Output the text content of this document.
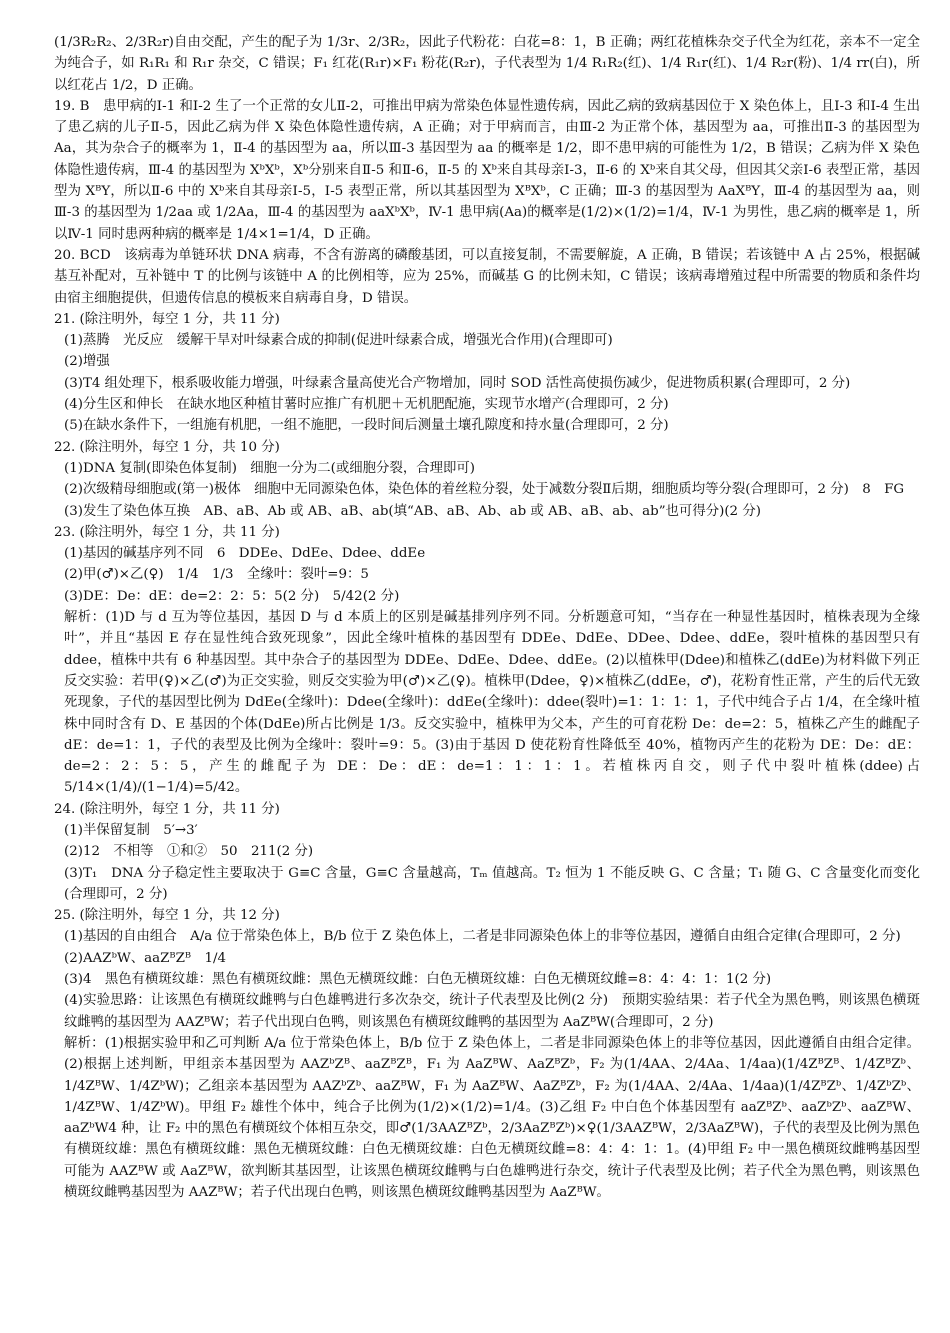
(1/3R₂R₂、2/3R₂r)自由交配，产生的配子为 1/3r、2/3R₂，因此子代粉花：白花=8：1，B 正确；两红花植株杂交子代全为红花，亲本不一定全为纯合子，如 R₁R₁ 和 R₁r 杂交，C 错误；F₁ 红花(R₁r)×F₁ 粉花(R₂r)，子代表型为 1/4 R₁R₂(红)、1/4 R₁r(红)、1/4 R₂r(粉)、1/4 rr(白)，所以红花占 1/2，D 正确。

19. B　患甲病的Ⅰ-1 和Ⅰ-2 生了一个正常的女儿Ⅱ-2，可推出甲病为常染色体显性遗传病，因此乙病的致病基因位于 X 染色体上，且Ⅰ-3 和Ⅰ-4 生出了患乙病的儿子Ⅱ-5，因此乙病为伴 X 染色体隐性遗传病，A 正确；对于甲病而言，由Ⅲ-2 为正常个体，基因型为 aa，可推出Ⅱ-3 的基因型为 Aa，其为杂合子的概率为 1，Ⅱ-4 的基因型为 aa，所以Ⅲ-3 基因型为 aa 的概率是 1/2，即不患甲病的可能性为 1/2，B 错误；乙病为伴 X 染色体隐性遗传病，Ⅲ-4 的基因型为 XᵇXᵇ，Xᵇ分别来自Ⅱ-5 和Ⅱ-6，Ⅱ-5 的 Xᵇ来自其母亲Ⅰ-3，Ⅱ-6 的 Xᵇ来自其父母，但因其父亲Ⅰ-6 表型正常，基因型为 XᴮY，所以Ⅱ-6 中的 Xᵇ来自其母亲Ⅰ-5，Ⅰ-5 表型正常，所以其基因型为 XᴮXᵇ，C 正确；Ⅲ-3 的基因型为 AaXᴮY，Ⅲ-4 的基因型为 aa，则Ⅲ-3 的基因型为 1/2aa 或 1/2Aa，Ⅲ-4 的基因型为 aaXᵇXᵇ，Ⅳ-1 患甲病(Aa)的概率是(1/2)×(1/2)=1/4，Ⅳ-1 为男性，患乙病的概率是 1，所以Ⅳ-1 同时患两种病的概率是 1/4×1=1/4，D 正确。

20. BCD　该病毒为单链环状 DNA 病毒，不含有游离的磷酸基团，可以直接复制，不需要解旋，A 正确，B 错误；若该链中 A 占 25%，根据碱基互补配对，互补链中 T 的比例与该链中 A 的比例相等，应为 25%，而碱基 G 的比例未知，C 错误；该病毒增殖过程中所需要的物质和条件均由宿主细胞提供，但遗传信息的模板来自病毒自身，D 错误。

21. (除注明外，每空 1 分，共 11 分)

(1)蒸腾　光反应　缓解干旱对叶绿素合成的抑制(促进叶绿素合成，增强光合作用)(合理即可)

(2)增强

(3)T4 组处理下，根系吸收能力增强，叶绿素含量高使光合产物增加，同时 SOD 活性高使损伤减少，促进物质积累(合理即可，2 分)

(4)分生区和伸长　在缺水地区种植甘薯时应推广有机肥＋无机肥配施，实现节水增产(合理即可，2 分)

(5)在缺水条件下，一组施有机肥，一组不施肥，一段时间后测量土壤孔隙度和持水量(合理即可，2 分)

22. (除注明外，每空 1 分，共 10 分)

(1)DNA 复制(即染色体复制)　细胞一分为二(或细胞分裂，合理即可)

(2)次级精母细胞或(第一)极体　细胞中无同源染色体，染色体的着丝粒分裂，处于减数分裂Ⅱ后期，细胞质均等分裂(合理即可，2 分)　8　FG

(3)发生了染色体互换　AB、aB、Ab 或 AB、aB、ab(填“AB、aB、Ab、ab 或 AB、aB、ab、ab”也可得分)(2 分)

23. (除注明外，每空 1 分，共 11 分)

(1)基因的碱基序列不同　6　DDEe、DdEe、Ddee、ddEe

(2)甲(♂)×乙(♀)　1/4　1/3　全缘叶：裂叶=9：5

(3)DE：De：dE：de=2：2：5：5(2 分)　5/42(2 分)

解析：(1)D 与 d 互为等位基因，基因 D 与 d 本质上的区别是碱基排列序列不同。分析题意可知，“当存在一种显性基因时，植株表现为全缘叶”，并且“基因 E 存在显性纯合致死现象”，因此全缘叶植株的基因型有 DDEe、DdEe、DDee、Ddee、ddEe，裂叶植株的基因型只有 ddee，植株中共有 6 种基因型。其中杂合子的基因型为 DDEe、DdEe、Ddee、ddEe。(2)以植株甲(Ddee)和植株乙(ddEe)为材料做下列正反交实验：若甲(♀)×乙(♂)为正交实验，则反交实验为甲(♂)×乙(♀)。植株甲(Ddee，♀)×植株乙(ddEe，♂)，花粉育性正常，产生的后代无致死现象，子代的基因型比例为 DdEe(全缘叶)：Ddee(全缘叶)：ddEe(全缘叶)：ddee(裂叶)=1：1：1：1，子代中纯合子占 1/4，在全缘叶植株中同时含有 D、E 基因的个体(DdEe)所占比例是 1/3。反交实验中，植株甲为父本，产生的可育花粉 De：de=2：5，植株乙产生的雌配子 dE：de=1：1，子代的表型及比例为全缘叶：裂叶=9：5。(3)由于基因 D 使花粉育性降低至 40%，植物丙产生的花粉为 DE：De：dE：de=2：2：5：5，产生的雌配子为 DE：De：dE：de=1：1：1：1。若植株丙自交，则子代中裂叶植株(ddee)占 5/14×(1/4)/(1−1/4)=5/42。

24. (除注明外，每空 1 分，共 11 分)

(1)半保留复制　5′→3′

(2)12　不相等　①和②　50　211(2 分)

(3)T₁　DNA 分子稳定性主要取决于 G≡C 含量，G≡C 含量越高，Tₘ 值越高。T₂ 恒为 1 不能反映 G、C 含量；T₁ 随 G、C 含量变化而变化(合理即可，2 分)

25. (除注明外，每空 1 分，共 12 分)

(1)基因的自由组合　A/a 位于常染色体上，B/b 位于 Z 染色体上，二者是非同源染色体上的非等位基因，遵循自由组合定律(合理即可，2 分)

(2)AAZᵇW、aaZᴮZᴮ　1/4

(3)4　黑色有横斑纹雄：黑色有横斑纹雌：黑色无横斑纹雌：白色无横斑纹雄：白色无横斑纹雌=8：4：4：1：1(2 分)

(4)实验思路：让该黑色有横斑纹雌鸭与白色雄鸭进行多次杂交，统计子代表型及比例(2 分)　预期实验结果：若子代全为黑色鸭，则该黑色横斑纹雌鸭的基因型为 AAZᴮW；若子代出现白色鸭，则该黑色有横斑纹雌鸭的基因型为 AaZᴮW(合理即可，2 分)

解析：(1)根据实验甲和乙可判断 A/a 位于常染色体上，B/b 位于 Z 染色体上，二者是非同源染色体上的非等位基因，因此遵循自由组合定律。(2)根据上述判断，甲组亲本基因型为 AAZᵇZᴮ、aaZᴮZᴮ，F₁ 为 AaZᴮW、AaZᴮZᵇ，F₂ 为(1/4AA、2/4Aa、1/4aa)(1/4ZᴮZᴮ、1/4ZᴮZᵇ、1/4ZᴮW、1/4ZᵇW)；乙组亲本基因型为 AAZᵇZᵇ、aaZᴮW，F₁ 为 AaZᴮW、AaZᴮZᵇ，F₂ 为(1/4AA、2/4Aa、1/4aa)(1/4ZᴮZᵇ、1/4ZᵇZᵇ、1/4ZᴮW、1/4ZᵇW)。甲组 F₂ 雄性个体中，纯合子比例为(1/2)×(1/2)=1/4。(3)乙组 F₂ 中白色个体基因型有 aaZᴮZᵇ、aaZᵇZᵇ、aaZᴮW、aaZᵇW4 种，让 F₂ 中的黑色有横斑纹个体相互杂交，即♂(1/3AAZᴮZᵇ，2/3AaZᴮZᵇ)×♀(1/3AAZᴮW，2/3AaZᴮW)，子代的表型及比例为黑色有横斑纹雄：黑色有横斑纹雌：黑色无横斑纹雌：白色无横斑纹雄：白色无横斑纹雌=8：4：4：1：1。(4)甲组 F₂ 中一黑色横斑纹雌鸭基因型可能为 AAZᴮW 或 AaZᴮW，欲判断其基因型，让该黑色横斑纹雌鸭与白色雄鸭进行杂交，统计子代表型及比例；若子代全为黑色鸭，则该黑色横斑纹雌鸭基因型为 AAZᴮW；若子代出现白色鸭，则该黑色横斑纹雌鸭基因型为 AaZᴮW。
